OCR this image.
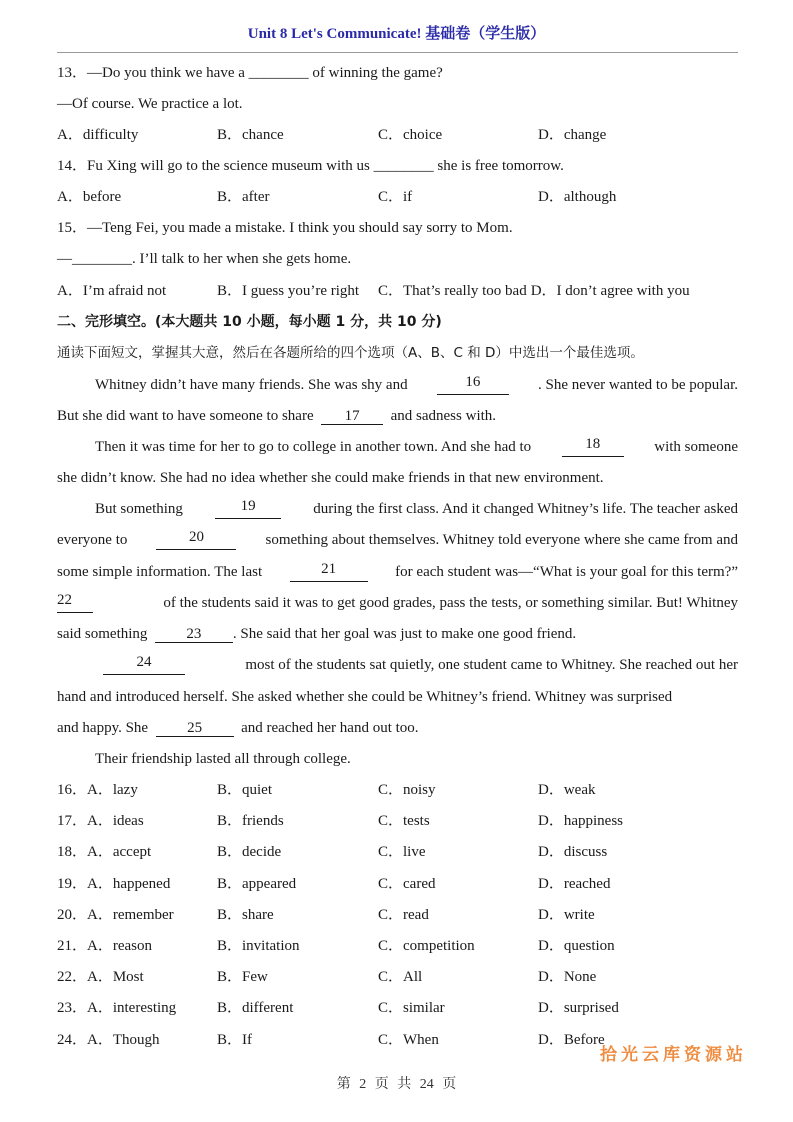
Unit 8 Let's Communicate! 基础卷（学生版）
13．—Do you think we have a ________ of winning the game?
—Of course. We practice a lot.
A．difficulty	B．chance	C．choice	D．change
14．Fu Xing will go to the science museum with us ________ she is free tomorrow.
A．before	B．after	C．if	D．although
15．—Teng Fei, you made a mistake. I think you should say sorry to Mom.
—________. I’ll talk to her when she gets home.
A．I’m afraid not	B．I guess you’re right	C．That’s really too bad D．I don’t agree with you
二、完形填空。(本大题共 10 小题，每小题 1 分，共 10 分)
通读下面短文，掌握其大意，然后在各题所给的四个选项（A、B、C 和 D）中选出一个最佳选项。
Whitney didn’t have many friends. She was shy and	16	. She never wanted to be popular.
But she did want to have someone to share 17 and sadness with.
Then it was time for her to go to college in another town. And she had to	18	with someone
she didn’t know. She had no idea whether she could make friends in that new environment.
But something	19	during the first class. And it changed Whitney’s life. The teacher asked
everyone to	20	something about themselves. Whitney told everyone where she came from and
some simple information. The last	21	for each student was—“What is your goal for this term?”
22	of the students said it was to get good grades, pass the tests, or something similar. But! Whitney
said something	23 . She said that her goal was just to make one good friend.
24	most of the students sat quietly, one student came to Whitney. She reached out her
hand and introduced herself. She asked whether she could be Whitney’s friend. Whitney was surprised
and happy. She	25	and reached her hand out too.
Their friendship lasted all through college.
16．A．lazy	B．quiet	C．noisy	D．weak
17．A．ideas	B．friends	C．tests	D．happiness
18．A．accept	B．decide	C．live	D．discuss
19．A．happened	B．appeared	C．cared	D．reached
20．A．remember	B．share	C．read	D．write
21．A．reason	B．invitation	C．competition	D．question
22．A．Most	B．Few	C．All	D．None
23．A．interesting	B．different	C．similar	D．surprised
24．A．Though	B．If	C．When	D．Before
拾光云库资源站
第 2 页 共 24 页
